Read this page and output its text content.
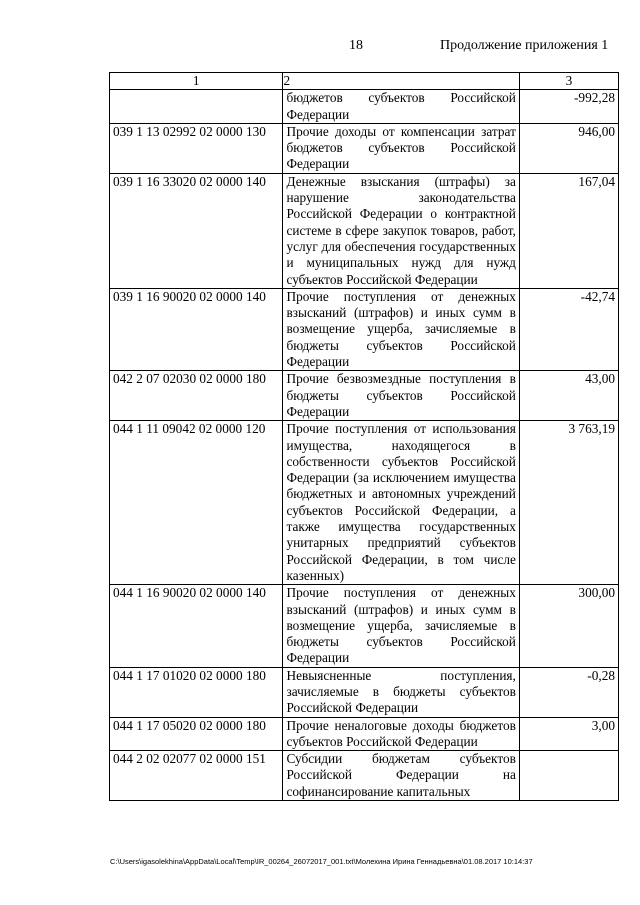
18	Продолжение приложения 1
1	2	3
	бюджетов субъектов Российской Федерации	-992,28
039 1 13 02992 02 0000 130	Прочие доходы от компенсации затрат бюджетов субъектов Российской Федерации	946,00
039 1 16 33020 02 0000 140	Денежные взыскания (штрафы) за нарушение законодательства Российской Федерации о контрактной системе в сфере закупок товаров, работ, услуг для обеспечения государственных и муниципальных нужд для нужд субъектов Российской Федерации	167,04
039 1 16 90020 02 0000 140	Прочие поступления от денежных взысканий (штрафов) и иных сумм в возмещение ущерба, зачисляемые в бюджеты субъектов Российской Федерации	-42,74
042 2 07 02030 02 0000 180	Прочие безвозмездные поступления в бюджеты субъектов Российской Федерации	43,00
044 1 11 09042 02 0000 120	Прочие поступления от использования имущества, находящегося в собственности субъектов Российской Федерации (за исключением имущества бюджетных и автономных учреждений субъектов Российской Федерации, а также имущества государственных унитарных предприятий субъектов Российской Федерации, в том числе казенных)	3 763,19
044 1 16 90020 02 0000 140	Прочие поступления от денежных взысканий (штрафов) и иных сумм в возмещение ущерба, зачисляемые в бюджеты субъектов Российской Федерации	300,00
044 1 17 01020 02 0000 180	Невыясненные поступления, зачисляемые в бюджеты субъектов Российской Федерации	-0,28
044 1 17 05020 02 0000 180	Прочие неналоговые доходы бюджетов субъектов Российской Федерации	3,00
044 2 02 02077 02 0000 151	Субсидии бюджетам субъектов Российской Федерации на софинансирование капитальных	
C:\Users\igasolekhina\AppData\Local\Temp\IR_00264_26072017_001.txt\Молехина Ирина Геннадьевна\01.08.2017 10:14:37
